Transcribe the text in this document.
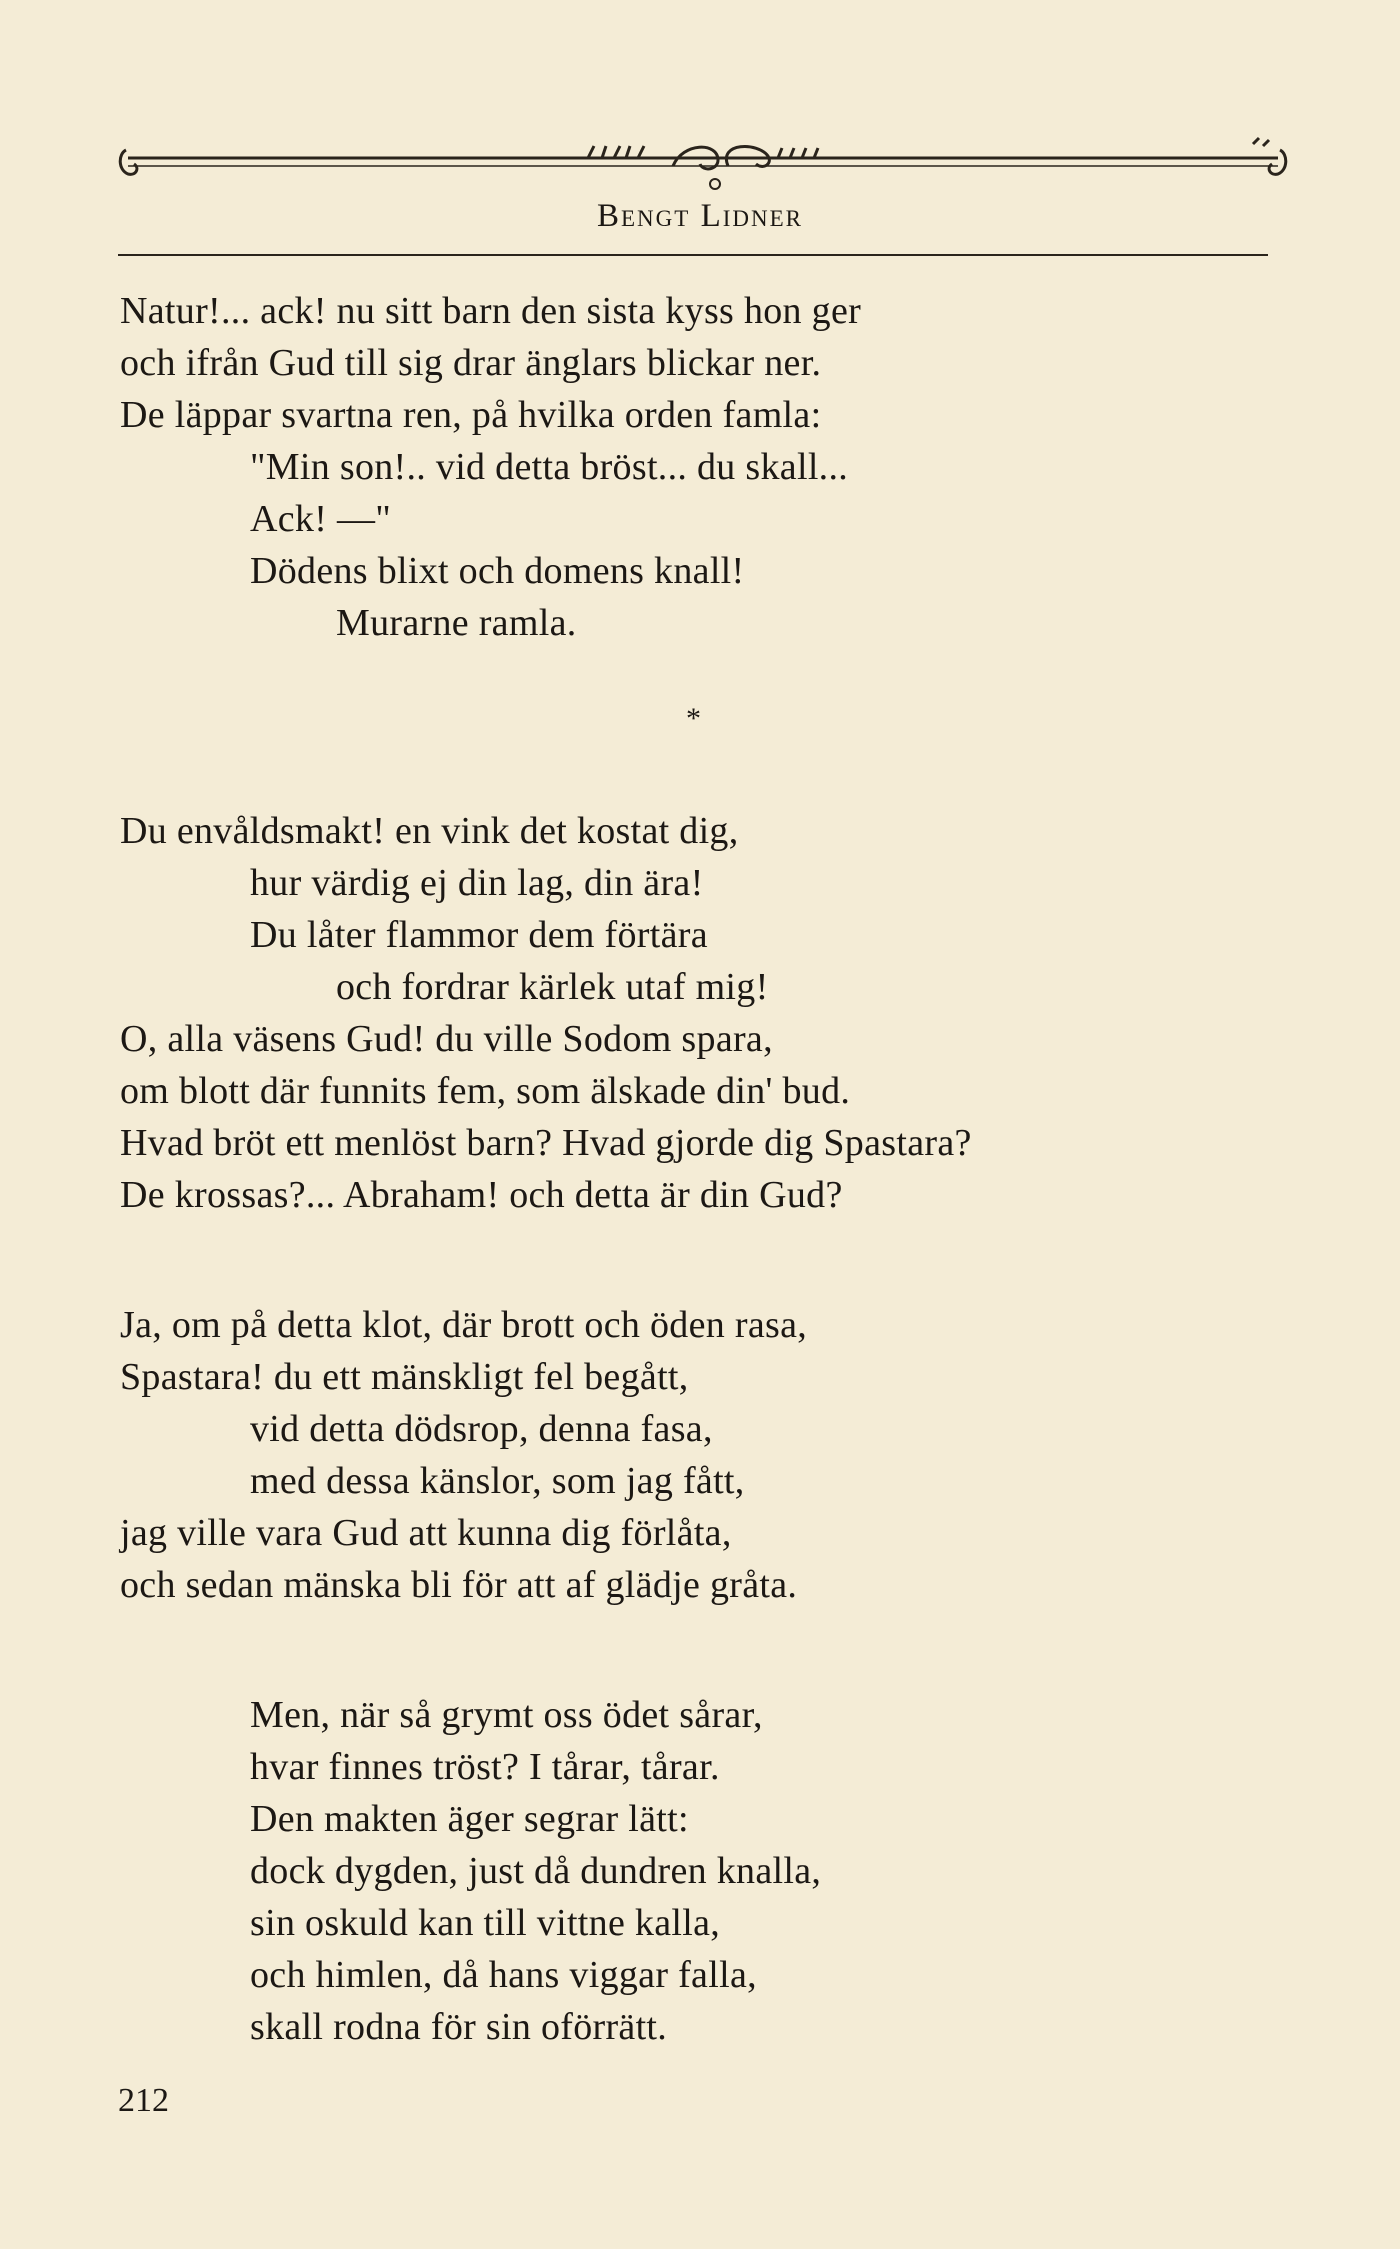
Bengt Lidner
Natur!... ack! nu sitt barn den sista kyss hon ger
och ifrån Gud till sig drar änglars blickar ner.
De läppar svartna ren, på hvilka orden famla:
"Min son!.. vid detta bröst... du skall...
Ack! —"
Dödens blixt och domens knall!
Murarne ramla.
*
Du envåldsmakt! en vink det kostat dig,
hur värdig ej din lag, din ära!
Du låter flammor dem förtära
och fordrar kärlek utaf mig!
O, alla väsens Gud! du ville Sodom spara,
om blott där funnits fem, som älskade din' bud.
Hvad bröt ett menlöst barn? Hvad gjorde dig Spastara?
De krossas?... Abraham! och detta är din Gud?
Ja, om på detta klot, där brott och öden rasa,
Spastara! du ett mänskligt fel begått,
vid detta dödsrop, denna fasa,
med dessa känslor, som jag fått,
jag ville vara Gud att kunna dig förlåta,
och sedan mänska bli för att af glädje gråta.
Men, när så grymt oss ödet sårar,
hvar finnes tröst? I tårar, tårar.
Den makten äger segrar lätt:
dock dygden, just då dundren knalla,
sin oskuld kan till vittne kalla,
och himlen, då hans viggar falla,
skall rodna för sin oförrätt.
212
